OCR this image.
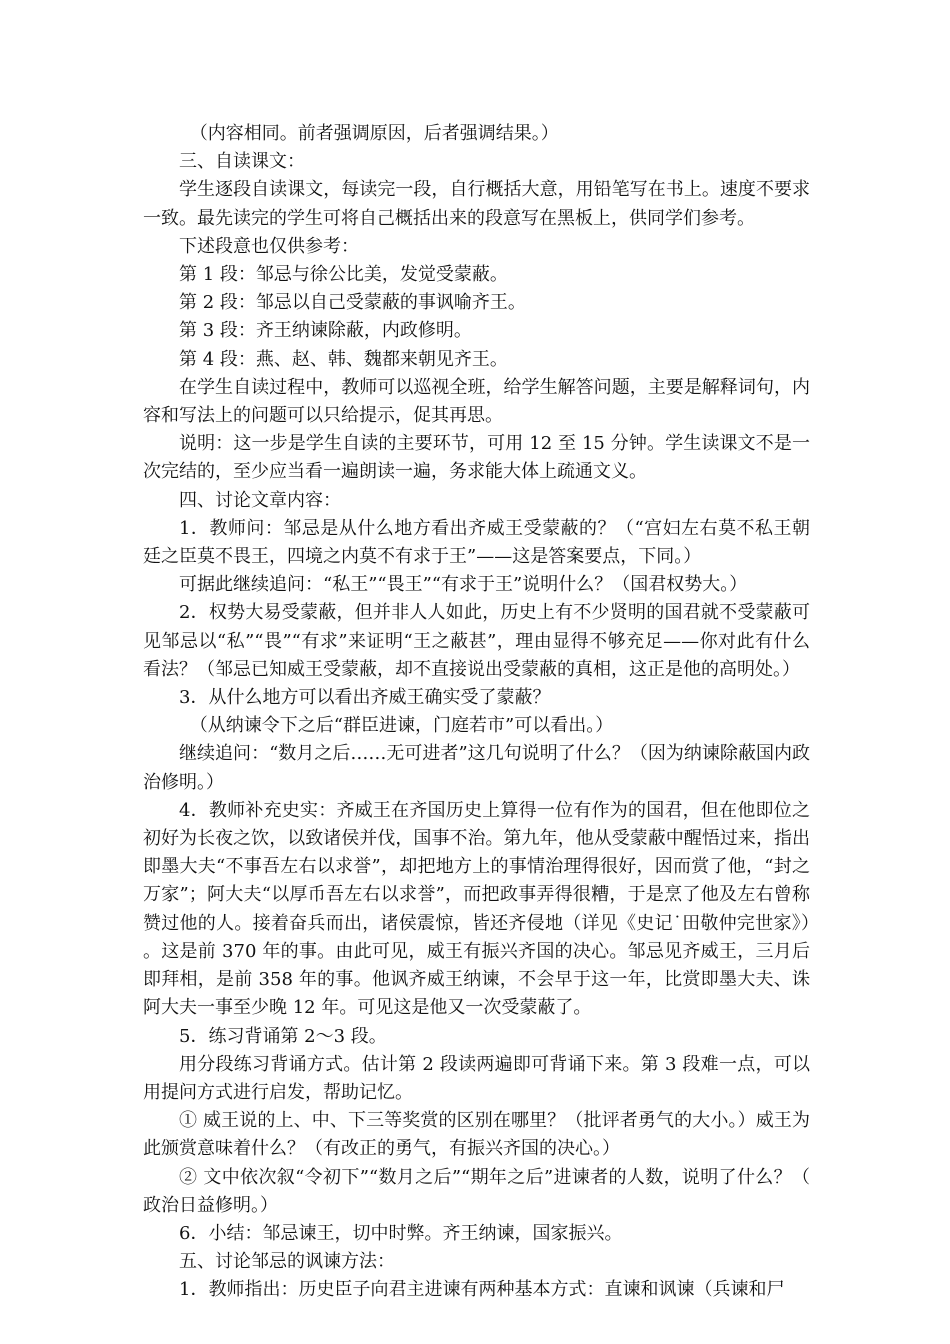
（内容相同。前者强调原因，后者强调结果。）

三、自读课文：

学生逐段自读课文，每读完一段，自行概括大意，用铅笔写在书上。速度不要求一致。最先读完的学生可将自己概括出来的段意写在黑板上，供同学们参考。

下述段意也仅供参考：

第 1 段：邹忌与徐公比美，发觉受蒙蔽。

第 2 段：邹忌以自己受蒙蔽的事讽喻齐王。

第 3 段：齐王纳谏除蔽，内政修明。

第 4 段：燕、赵、韩、魏都来朝见齐王。

在学生自读过程中，教师可以巡视全班，给学生解答问题，主要是解释词句，内容和写法上的问题可以只给提示，促其再思。

说明：这一步是学生自读的主要环节，可用 12 至 15 分钟。学生读课文不是一次完结的，至少应当看一遍朗读一遍，务求能大体上疏通文义。

四、讨论文章内容：

1．教师问：邹忌是从什么地方看出齐威王受蒙蔽的？（“宫妇左右莫不私王朝廷之臣莫不畏王，四境之内莫不有求于王”——这是答案要点，下同。）

可据此继续追问：“私王”“畏王”“有求于王”说明什么？（国君权势大。）

2．权势大易受蒙蔽，但并非人人如此，历史上有不少贤明的国君就不受蒙蔽可见邹忌以“私”“畏”“有求”来证明“王之蔽甚”，理由显得不够充足——你对此有什么看法？（邹忌已知威王受蒙蔽，却不直接说出受蒙蔽的真相，这正是他的高明处。）

3．从什么地方可以看出齐威王确实受了蒙蔽？

（从纳谏令下之后“群臣进谏，门庭若市”可以看出。）

继续追问：“数月之后……无可进者”这几句说明了什么？（因为纳谏除蔽国内政治修明。）

4．教师补充史实：齐威王在齐国历史上算得一位有作为的国君，但在他即位之初好为长夜之饮，以致诸侯并伐，国事不治。第九年，他从受蒙蔽中醒悟过来，指出即墨大夫“不事吾左右以求誉”，却把地方上的事情治理得很好，因而赏了他，“封之万家”；阿大夫“以厚币吾左右以求誉”，而把政事弄得很糟，于是烹了他及左右曾称赞过他的人。接着奋兵而出，诸侯震惊，皆还齐侵地（详见《史记˙田敬仲完世家》）。这是前 370 年的事。由此可见，威王有振兴齐国的决心。邹忌见齐威王，三月后即拜相，是前 358 年的事。他讽齐威王纳谏，不会早于这一年，比赏即墨大夫、诛阿大夫一事至少晚 12 年。可见这是他又一次受蒙蔽了。

5．练习背诵第 2～3 段。

用分段练习背诵方式。估计第 2 段读两遍即可背诵下来。第 3 段难一点，可以用提问方式进行启发，帮助记忆。

① 威王说的上、中、下三等奖赏的区别在哪里？（批评者勇气的大小。）威王为此颁赏意味着什么？（有改正的勇气，有振兴齐国的决心。）

② 文中依次叙“令初下”“数月之后”“期年之后”进谏者的人数，说明了什么？（政治日益修明。）

6．小结：邹忌谏王，切中时弊。齐王纳谏，国家振兴。

五、讨论邹忌的讽谏方法：

1．教师指出：历史臣子向君主进谏有两种基本方式：直谏和讽谏（兵谏和尸
